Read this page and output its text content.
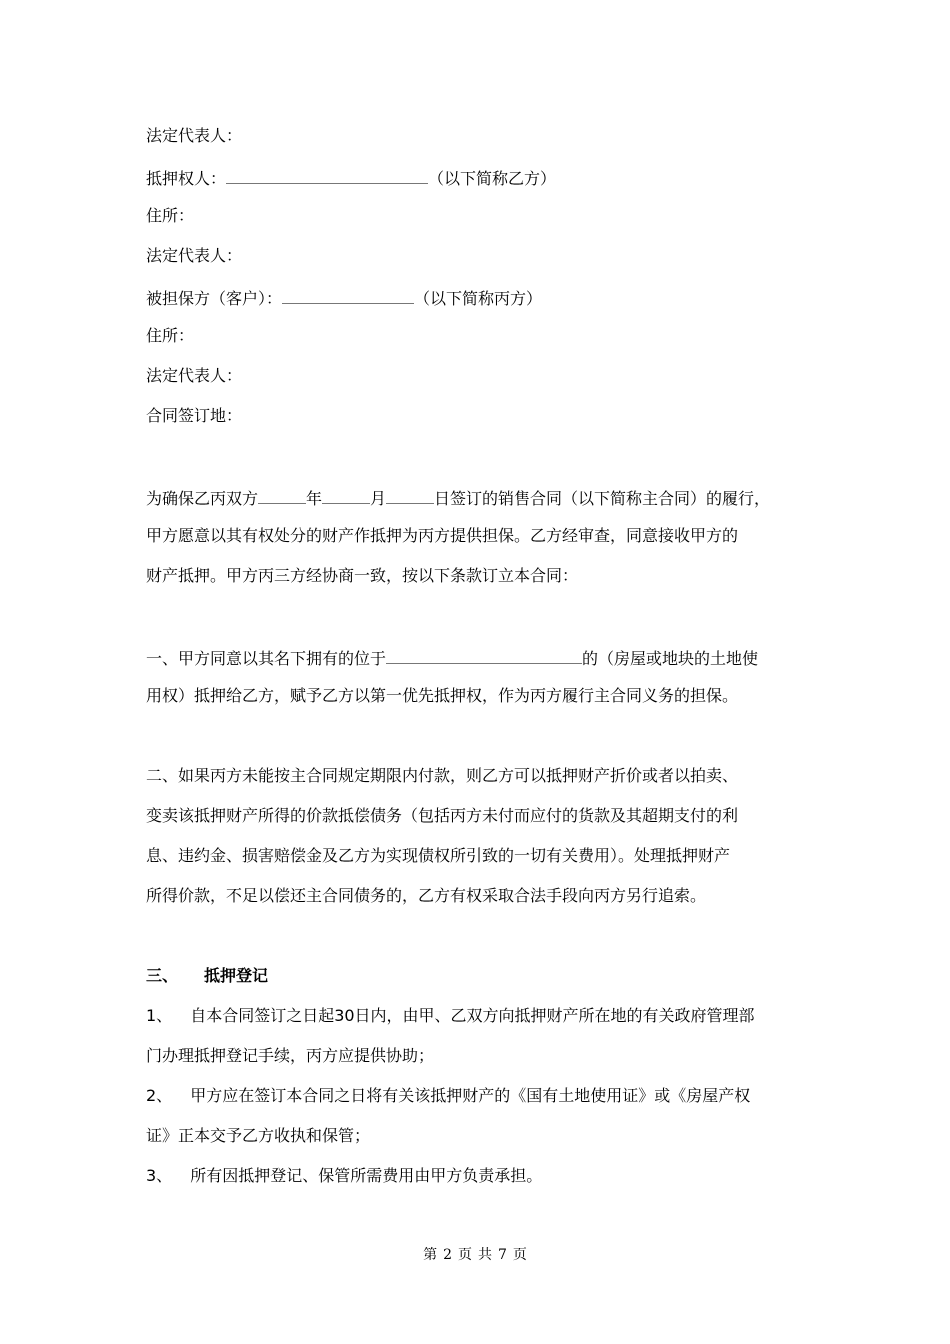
法定代表人：
抵押权人：	（以下简称乙方）
住所：
法定代表人：
被担保方（客户）：	（以下简称丙方）
住所：
法定代表人：
合同签订地：
为确保乙丙双方	年	月	日签订的销售合同（以下简称主合同）的履行，
甲方愿意以其有权处分的财产作抵押为丙方提供担保。乙方经审查，同意接收甲方的
财产抵押。甲方丙三方经协商一致，按以下条款订立本合同：
一、甲方同意以其名下拥有的位于	的（房屋或地块的土地使
用权）抵押给乙方，赋予乙方以第一优先抵押权，作为丙方履行主合同义务的担保。
二、如果丙方未能按主合同规定期限内付款，则乙方可以抵押财产折价或者以拍卖、
变卖该抵押财产所得的价款抵偿债务（包括丙方未付而应付的货款及其超期支付的利
息、违约金、损害赔偿金及乙方为实现债权所引致的一切有关费用）。处理抵押财产
所得价款，不足以偿还主合同债务的，乙方有权采取合法手段向丙方另行追索。
三、 抵押登记
1、 自本合同签订之日起30日内，由甲、乙双方向抵押财产所在地的有关政府管理部
门办理抵押登记手续，丙方应提供协助；
2、 甲方应在签订本合同之日将有关该抵押财产的《国有土地使用证》或《房屋产权
证》正本交予乙方收执和保管；
3、 所有因抵押登记、保管所需费用由甲方负责承担。
第 2 页 共 7 页
